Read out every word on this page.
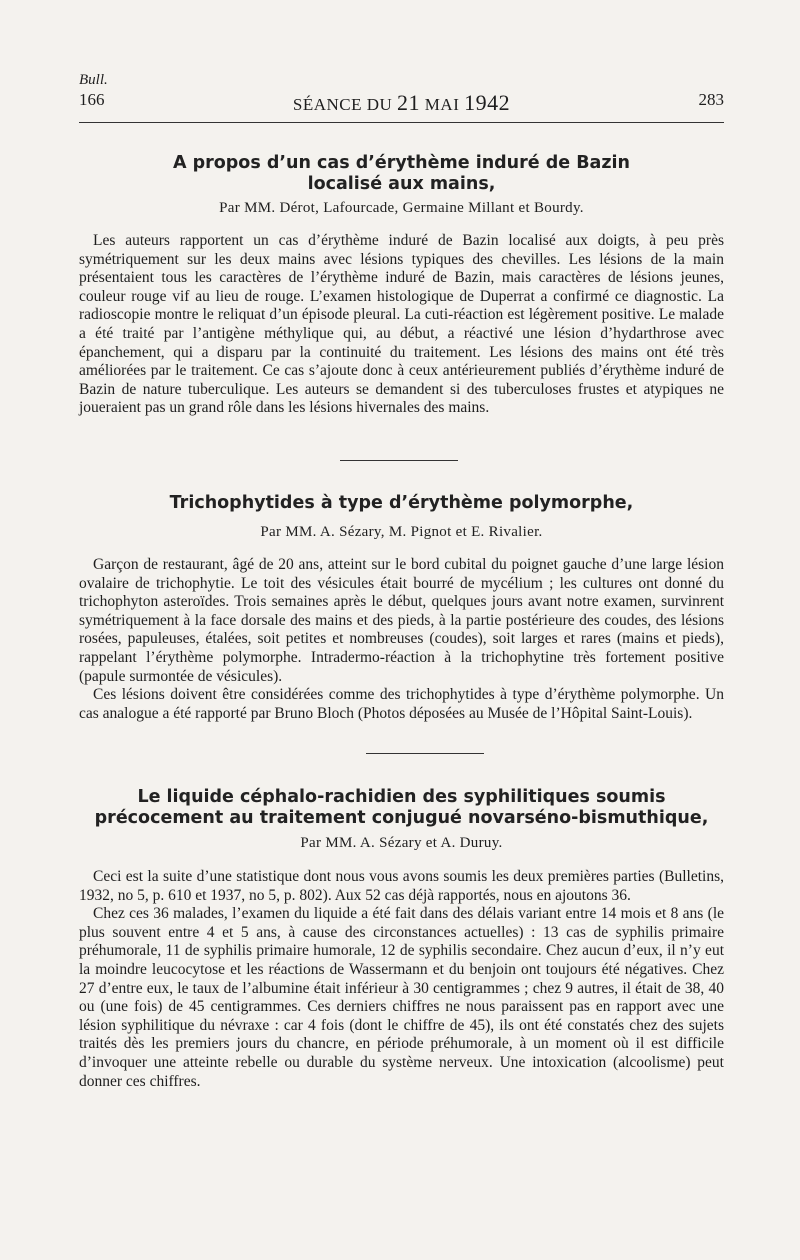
Bull.
166	SÉANCE DU 21 MAI 1942	283
A propos d’un cas d’érythème induré de Bazin
localisé aux mains,
Par MM. Dérot, Lafourcade, Germaine Millant et Bourdy.

Les auteurs rapportent un cas d’érythème induré de Bazin localisé aux doigts, à peu près symétriquement sur les deux mains avec lésions typiques des chevilles. Les lésions de la main présentaient tous les caractères de l’érythème induré de Bazin, mais caractères de lésions jeunes, couleur rouge vif au lieu de rouge. L’examen histologique de Duperrat a confirmé ce diagnostic. La radioscopie montre le reliquat d’un épisode pleural. La cuti-réaction est légèrement positive. Le malade a été traité par l’antigène méthylique qui, au début, a réactivé une lésion d’hydarthrose avec épanchement, qui a disparu par la continuité du traitement. Les lésions des mains ont été très améliorées par le traitement. Ce cas s’ajoute donc à ceux antérieurement publiés d’érythème induré de Bazin de nature tuberculique. Les auteurs se demandent si des tuberculoses frustes et atypiques ne joueraient pas un grand rôle dans les lésions hivernales des mains.

Trichophytides à type d’érythème polymorphe,
Par MM. A. Sézary, M. Pignot et E. Rivalier.

Garçon de restaurant, âgé de 20 ans, atteint sur le bord cubital du poignet gauche d’une large lésion ovalaire de trichophytie. Le toit des vésicules était bourré de mycélium ; les cultures ont donné du trichophyton asteroïdes. Trois semaines après le début, quelques jours avant notre examen, survinrent symétriquement à la face dorsale des mains et des pieds, à la partie postérieure des coudes, des lésions rosées, papuleuses, étalées, soit petites et nombreuses (coudes), soit larges et rares (mains et pieds), rappelant l’érythème polymorphe. Intradermo-réaction à la trichophytine très fortement positive (papule surmontée de vésicules).

Ces lésions doivent être considérées comme des trichophytides à type d’érythème polymorphe. Un cas analogue a été rapporté par Bruno Bloch (Photos déposées au Musée de l’Hôpital Saint-Louis).

Le liquide céphalo-rachidien des syphilitiques soumis
précocement au traitement conjugué novarséno-bismuthique,
Par MM. A. Sézary et A. Duruy.

Ceci est la suite d’une statistique dont nous vous avons soumis les deux premières parties (Bulletins, 1932, no 5, p. 610 et 1937, no 5, p. 802). Aux 52 cas déjà rapportés, nous en ajoutons 36.

Chez ces 36 malades, l’examen du liquide a été fait dans des délais variant entre 14 mois et 8 ans (le plus souvent entre 4 et 5 ans, à cause des circonstances actuelles) : 13 cas de syphilis primaire préhumorale, 11 de syphilis primaire humorale, 12 de syphilis secondaire. Chez aucun d’eux, il n’y eut la moindre leucocytose et les réactions de Wassermann et du benjoin ont toujours été négatives. Chez 27 d’entre eux, le taux de l’albumine était inférieur à 30 centigrammes ; chez 9 autres, il était de 38, 40 ou (une fois) de 45 centigrammes. Ces derniers chiffres ne nous paraissent pas en rapport avec une lésion syphilitique du névraxe : car 4 fois (dont le chiffre de 45), ils ont été constatés chez des sujets traités dès les premiers jours du chancre, en période préhumorale, à un moment où il est difficile d’invoquer une atteinte rebelle ou durable du système nerveux. Une intoxication (alcoolisme) peut donner ces chiffres.
